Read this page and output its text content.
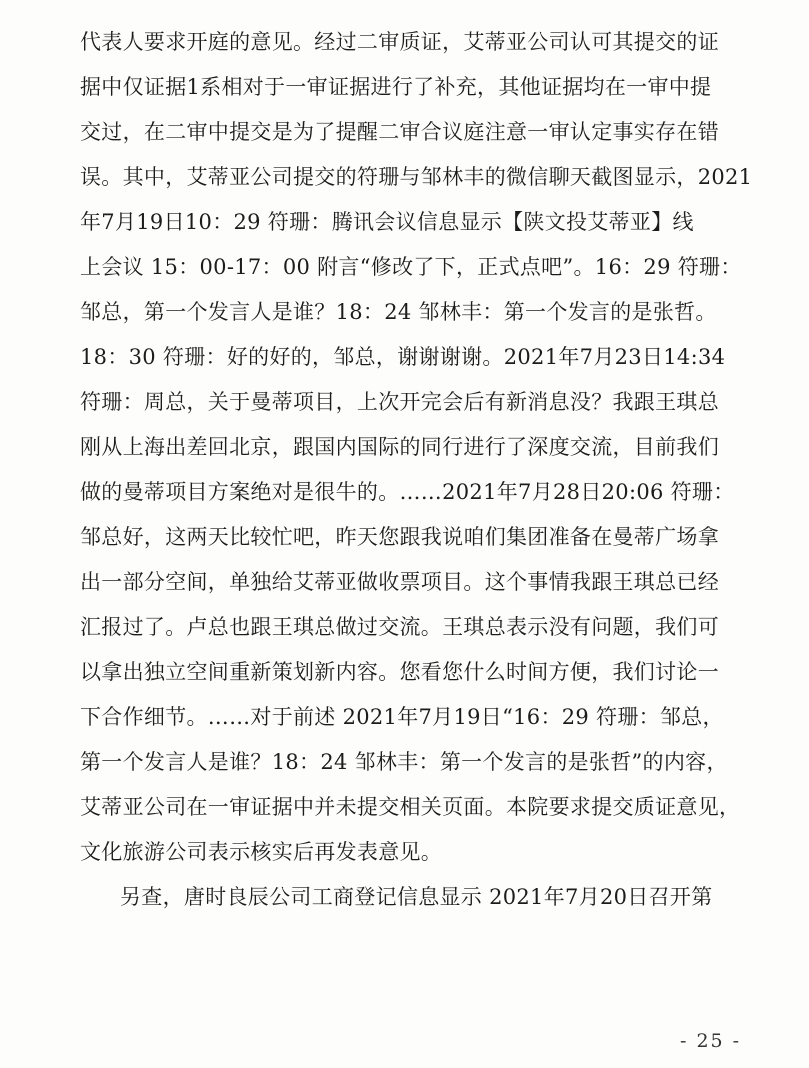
代表人要求开庭的意见。经过二审质证，艾蒂亚公司认可其提交的证
据中仅证据1系相对于一审证据进行了补充，其他证据均在一审中提
交过，在二审中提交是为了提醒二审合议庭注意一审认定事实存在错
误。其中，艾蒂亚公司提交的符珊与邹林丰的微信聊天截图显示，2021
年7月19日10：29 符珊：腾讯会议信息显示【陕文投艾蒂亚】线
上会议 15：00-17：00 附言“修改了下，正式点吧”。16：29 符珊：
邹总，第一个发言人是谁？18：24 邹林丰：第一个发言的是张哲。
18：30 符珊：好的好的，邹总，谢谢谢谢。2021年7月23日14:34
符珊：周总，关于曼蒂项目，上次开完会后有新消息没？我跟王琪总
刚从上海出差回北京，跟国内国际的同行进行了深度交流，目前我们
做的曼蒂项目方案绝对是很牛的。……2021年7月28日20:06 符珊：
邹总好，这两天比较忙吧，昨天您跟我说咱们集团准备在曼蒂广场拿
出一部分空间，单独给艾蒂亚做收票项目。这个事情我跟王琪总已经
汇报过了。卢总也跟王琪总做过交流。王琪总表示没有问题，我们可
以拿出独立空间重新策划新内容。您看您什么时间方便，我们讨论一
下合作细节。……对于前述 2021年7月19日“16：29 符珊：邹总，
第一个发言人是谁？18：24 邹林丰：第一个发言的是张哲”的内容，
艾蒂亚公司在一审证据中并未提交相关页面。本院要求提交质证意见，
文化旅游公司表示核实后再发表意见。
另查，唐时良辰公司工商登记信息显示 2021年7月20日召开第
- 25 -
